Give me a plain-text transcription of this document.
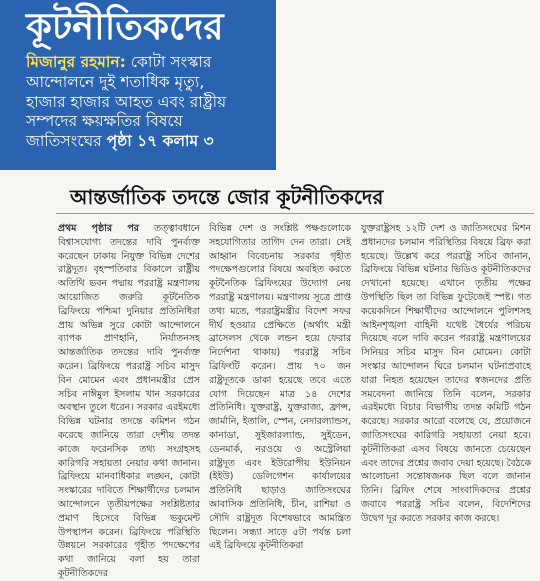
কূটনীতিকদের
মিজানুর রহমান: কোটা সংস্কার
আন্দোলনে দুই শতাধিক মৃত্যু,
হাজার হাজার আহত এবং রাষ্ট্রীয়
সম্পদের ক্ষয়ক্ষতির বিষয়ে
জাতিসংঘের পৃষ্ঠা ১৭ কলাম ৩
আন্তর্জাতিক তদন্তে জোর কূটনীতিকদের

প্রথম পৃষ্ঠার পর তত্ত্বাবধানে বিশ্বাসযোগ্য তদন্তের দাবি পুনর্ব্যক্ত করেছেন ঢাকায় নিযুক্ত বিভিন্ন দেশের রাষ্ট্রদূত। বৃহস্পতিবার বিকালে রাষ্ট্রীয় অতিথি ভবন পদ্মায় পররাষ্ট্র মন্ত্রণালয় আয়োজিত জরুরি কূটনৈতিক ব্রিফিংয়ে পশ্চিমা দুনিয়ার প্রতিনিধিরা প্রায় অভিন্ন সুরে কোটা আন্দোলনে ব্যাপক প্রাণহানি, নির্যাতনসহ আন্তর্জাতিক তদন্তের দাবি পুনর্ব্যক্ত করেন। ব্রিফিংয়ে পররাষ্ট্র সচিব মাসুদ বিন মোমেন এবং প্রধানমন্ত্রীর প্রেস সচিব নাঈমুল ইসলাম খান সরকারের অবস্থান তুলে ধরেন। সরকার এরইমধ্যে বিভিন্ন ঘটনার তদন্তে কমিশন গঠন করেছে জানিয়ে তারা দেশীয় তদন্ত কাজে ফরেনসিক তথ্য সংগ্রহসহ কারিগরি সহায়তা নেয়ার কথা জানান। ব্রিফিংয়ে মানবাধিকার লঙ্ঘন, কোটা সংস্কারের দাবিতে শিক্ষার্থীদের চলমান আন্দোলনে তৃতীয়পক্ষের সংশ্লিষ্টতার প্রমাণ হিসেবে বিভিন্ন ভকুমেন্ট উপস্থাপন করেন। ব্রিফিংয়ে পরিস্থিতি উন্নয়নে সরকারের গৃহীত পদক্ষেপের কথা জানিয়ে বলা হয় তারা কূটনীতিকদের

বিভিন্ন দেশ ও সংশ্লিষ্ট পক্ষগুলোকে সহযোগিতার তাগিদ দেন তারা। সেই আহ্বান বিবেচনায় সরকার গৃহীত পদক্ষেপগুলোর বিষয়ে অবহিত করতে কূটনৈতিক ব্রিফিংয়ের উদ্যোগ নেয় পররাষ্ট্র মন্ত্রণালয়। মন্ত্রণালয় সূত্রে প্রাপ্ত তথ্য মতে, পররাষ্ট্রমন্ত্রীর বিদেশ সফর দীর্ঘ হওয়ার প্রেক্ষিতে (অর্থাৎ মন্ত্রী ব্রাসেলস থেকে লন্ডন হয়ে ফেরার নির্দেশনা থাকায়) পররাষ্ট্র সচিব ব্রিফিংটি করেন। প্রায় ৭০ জন রাষ্ট্রদূতকে ডাকা হয়েছে তবে এতে যোগ দিয়েছেন মাত্র ১৪ দেশের প্রতিনিধি। যুক্তরাষ্ট্র, যুক্তরাজ্য, ফ্রান্স, জার্মানি, ইতালি, স্পেন, নেদারল্যান্ডস, কানাডা, সুইজারল্যান্ড, সুইডেন, ডেনমার্ক, নরওয়ে ও অস্ট্রেলিয়া রাষ্ট্রদূত এবং ইউরোপীয় ইউনিয়ন (ইইউ) ডেলিগেশন কার্যালয়ের প্রতিনিধি ছাড়াও জাতিসংঘের আবাসিক প্রতিনিধি, চীন, রাশিয়া ও সৌদি রাষ্ট্রদূত বিশেষভাবে আমন্ত্রিত ছিলেন। সন্ধ্যা সাড়ে ৫টা পর্যন্ত চলা এই ব্রিফিংয়ে কূটনীতিকরা

যুক্তরাষ্ট্রসহ ১২টি দেশ ও জাতিসংঘের মিশন প্রধানদের চলমান পরিস্থিতির বিষয়ে ব্রিফ করা হয়েছে। উল্লেখ করে পররাষ্ট্র সচিব জানান, ব্রিফিংয়ে বিভিন্ন ঘটনার ভিডিও কূটনীতিকদের দেখানো হয়েছে। এখানে তৃতীয় পক্ষের উপস্থিতি ছিল তা বিভিন্ন ফুটেজেই স্পষ্ট। গত কয়েকদিনে শিক্ষার্থীদের আন্দোলনে পুলিশসহ আইনশৃঙ্খলা বাহিনী যথেষ্ট ধৈর্যের পরিচয় দিয়েছে বলে দাবি করেন পররাষ্ট্র মন্ত্রণালয়ের সিনিয়র সচিব মাসুদ বিন মোমেন। কোটা সংস্কার আন্দোলন ঘিরে চলমান ঘটনাপ্রবাহে যারা নিহত হয়েছেন তাদের স্বজনদের প্রতি সমবেদনা জানিয়ে তিনি বলেন, সরকার এরইমধ্যে বিচার বিভাগীয় তদন্ত কমিটি গঠন করেছে। সরকার আরো বলেছে যে, প্রয়োজনে জাতিসংঘের কারিগরি সহায়তা নেয়া হবে। কূটনীতিকরা এসব বিষয়ে জানতে চেয়েছেন এবং তাদের প্রশ্নের জবাব দেয়া হয়েছে। বৈঠকে আলোচনা সন্তোষজনক ছিল বলে জানান তিনি। ব্রিফিং শেষে সাংবাদিকদের প্রশ্নের জবাবে পররাষ্ট্র সচিব বলেন, বিদেশিদের উদ্বেগ দূর করতে সরকার কাজ করছে।
